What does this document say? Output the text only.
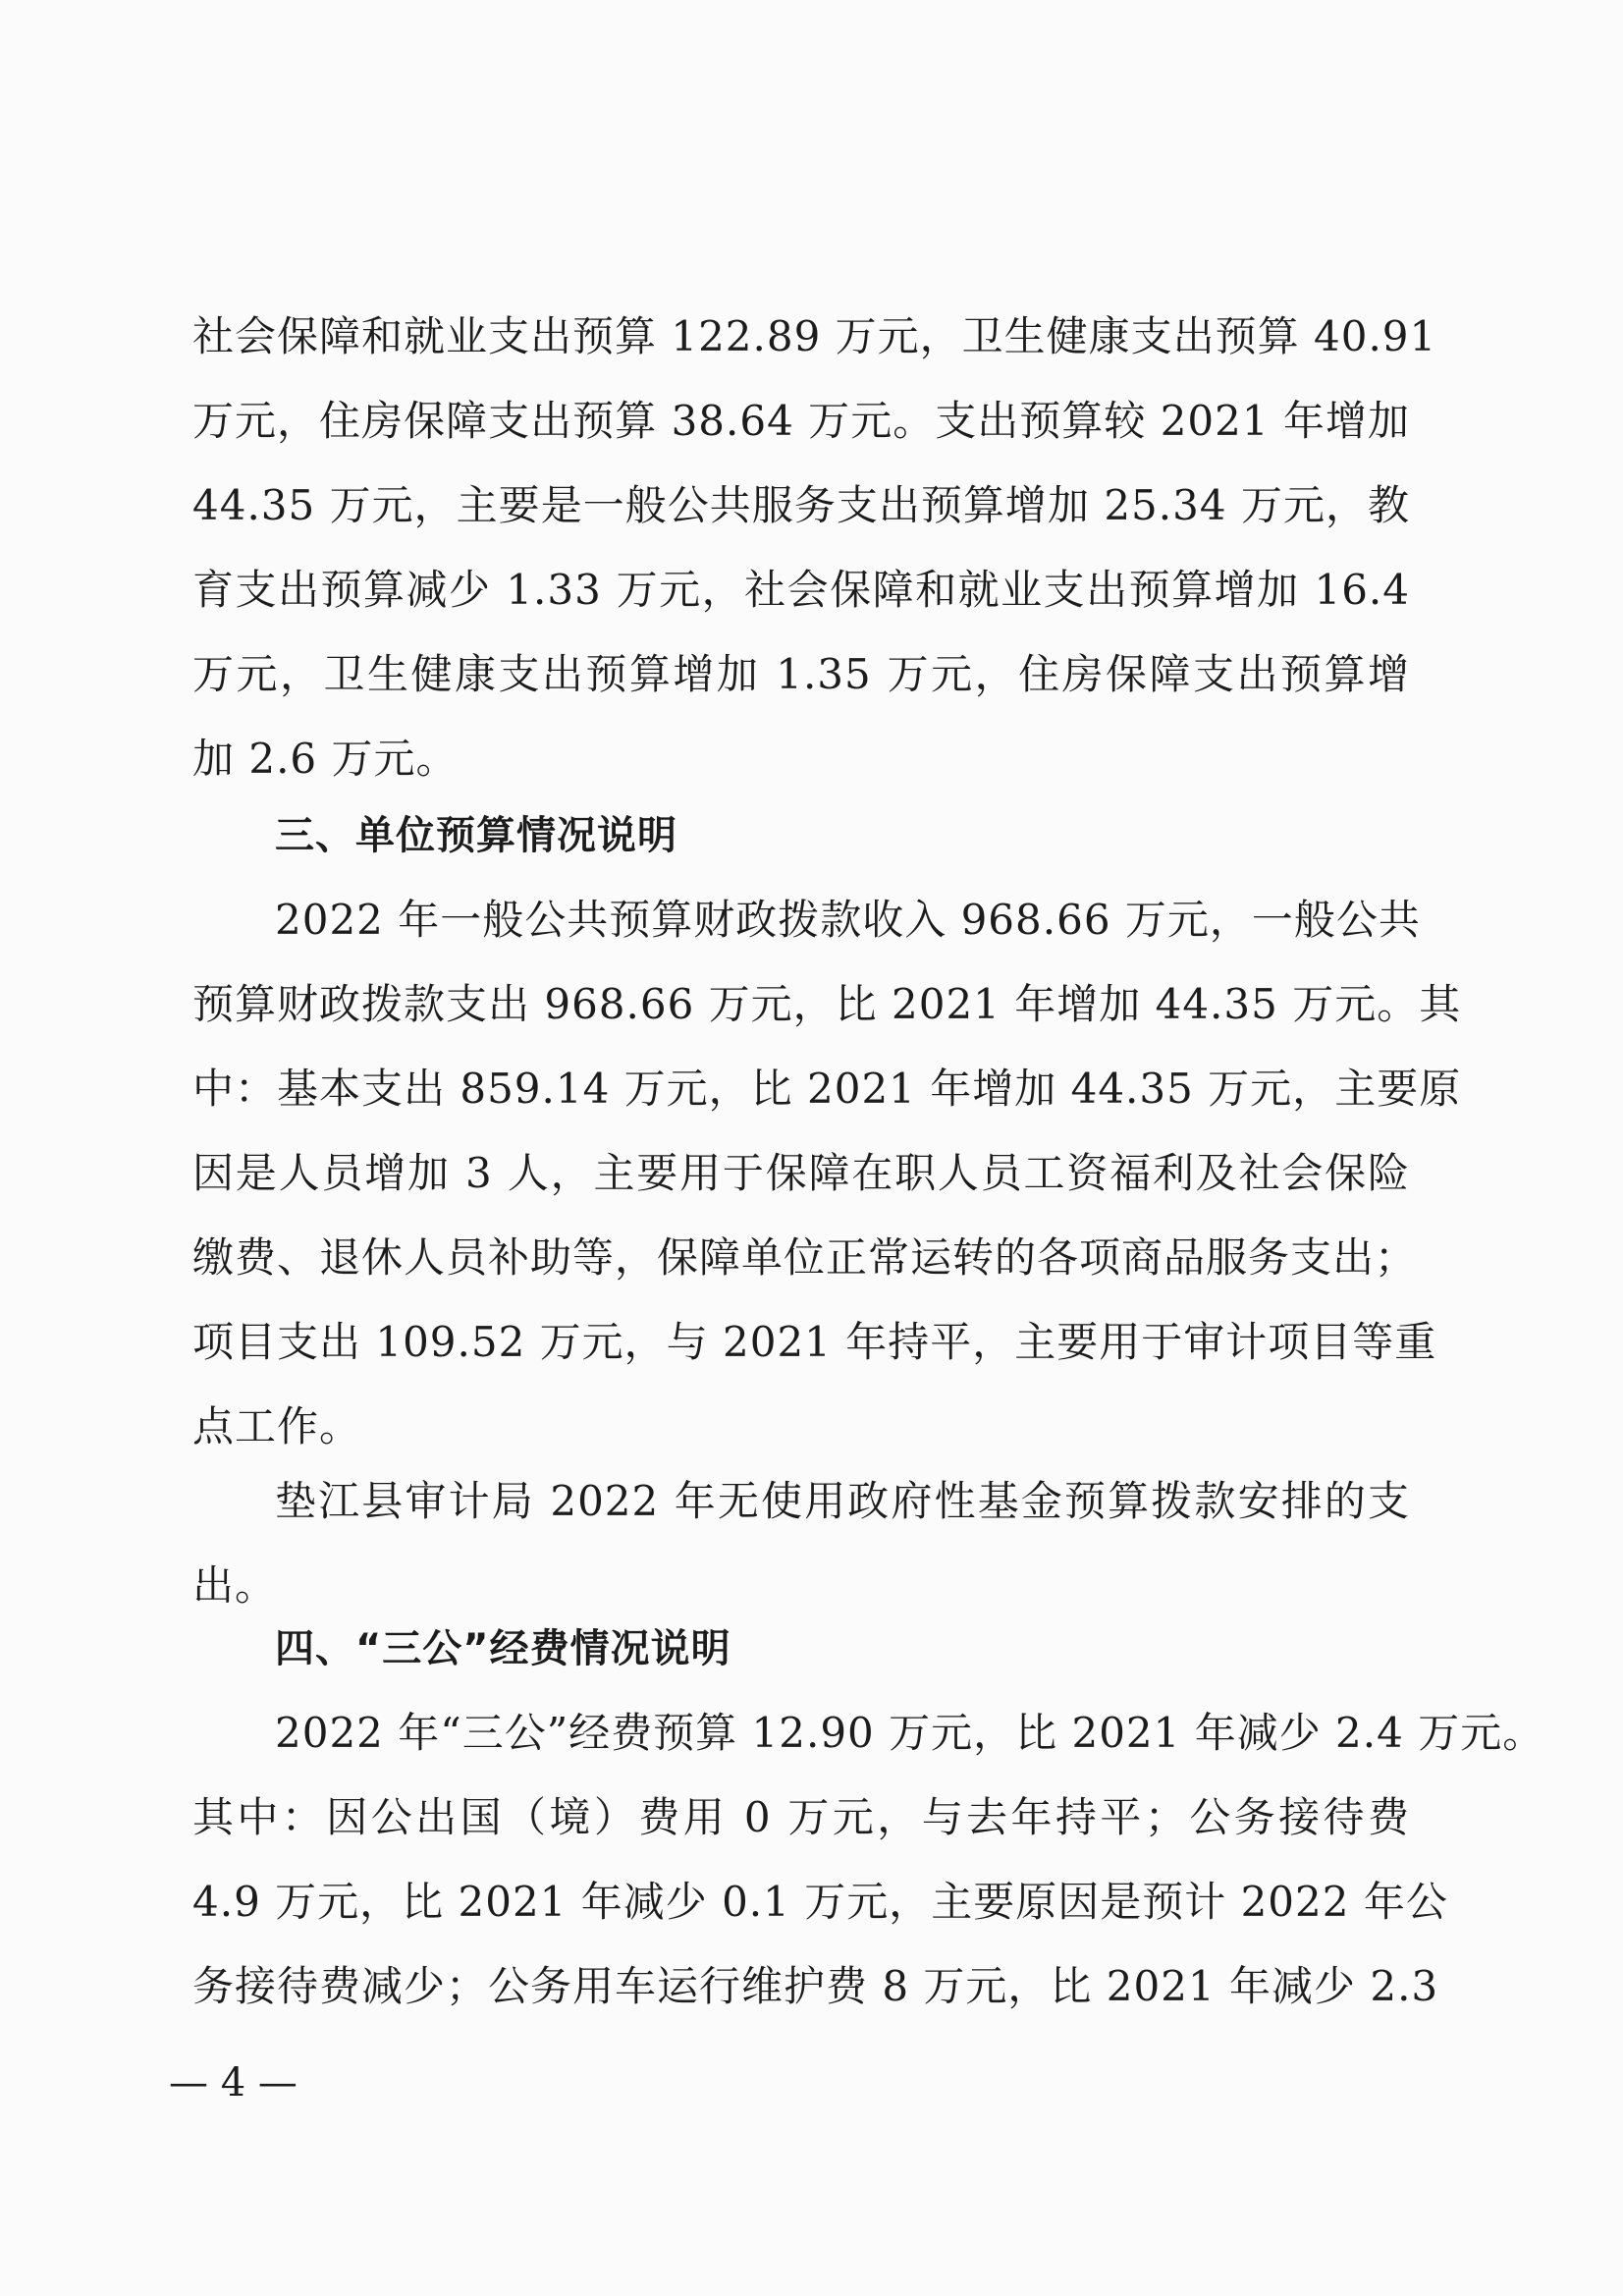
社会保障和就业支出预算 122.89 万元，卫生健康支出预算 40.91
万元，住房保障支出预算 38.64 万元。支出预算较 2021 年增加
44.35 万元，主要是一般公共服务支出预算增加 25.34 万元，教
育支出预算减少 1.33 万元，社会保障和就业支出预算增加 16.4
万元，卫生健康支出预算增加 1.35 万元，住房保障支出预算增
加 2.6 万元。
三、单位预算情况说明
2022 年一般公共预算财政拨款收入 968.66 万元，一般公共
预算财政拨款支出 968.66 万元，比 2021 年增加 44.35 万元。其
中：基本支出 859.14 万元，比 2021 年增加 44.35 万元，主要原
因是人员增加 3 人，主要用于保障在职人员工资福利及社会保险
缴费、退休人员补助等，保障单位正常运转的各项商品服务支出；
项目支出 109.52 万元，与 2021 年持平，主要用于审计项目等重
点工作。
垫江县审计局 2022 年无使用政府性基金预算拨款安排的支
出。
四、“三公”经费情况说明
2022 年“三公”经费预算 12.90 万元，比 2021 年减少 2.4 万元。
其中：因公出国（境）费用 0 万元，与去年持平；公务接待费
4.9 万元，比 2021 年减少 0.1 万元，主要原因是预计 2022 年公
务接待费减少；公务用车运行维护费 8 万元，比 2021 年减少 2.3
— 4 —
